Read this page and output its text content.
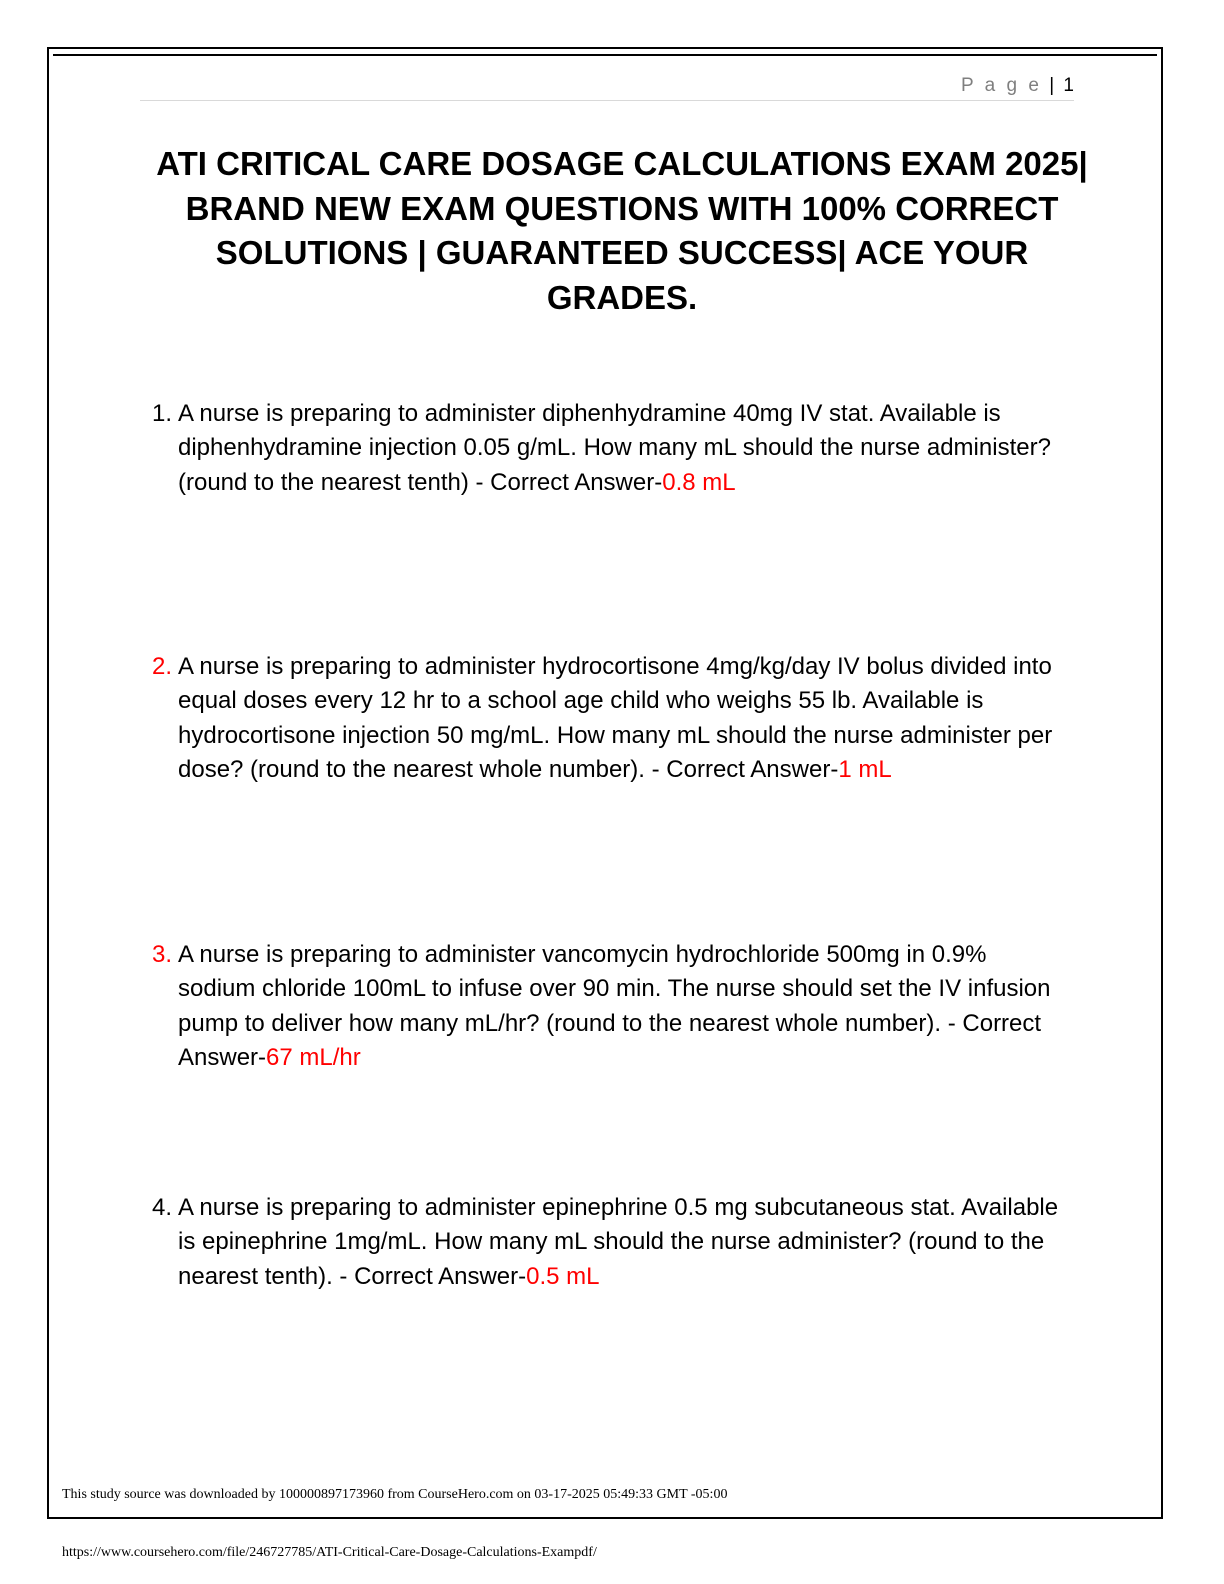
P a g e | 1
ATI CRITICAL CARE DOSAGE CALCULATIONS EXAM 2025| BRAND NEW EXAM QUESTIONS WITH 100% CORRECT SOLUTIONS | GUARANTEED SUCCESS| ACE YOUR GRADES.
1. A nurse is preparing to administer diphenhydramine 40mg IV stat. Available is diphenhydramine injection 0.05 g/mL. How many mL should the nurse administer? (round to the nearest tenth) - Correct Answer-0.8 mL
2. A nurse is preparing to administer hydrocortisone 4mg/kg/day IV bolus divided into equal doses every 12 hr to a school age child who weighs 55 lb. Available is hydrocortisone injection 50 mg/mL. How many mL should the nurse administer per dose? (round to the nearest whole number). - Correct Answer-1 mL
3. A nurse is preparing to administer vancomycin hydrochloride 500mg in 0.9% sodium chloride 100mL to infuse over 90 min. The nurse should set the IV infusion pump to deliver how many mL/hr? (round to the nearest whole number). - Correct Answer-67 mL/hr
4. A nurse is preparing to administer epinephrine 0.5 mg subcutaneous stat. Available is epinephrine 1mg/mL. How many mL should the nurse administer? (round to the nearest tenth). - Correct Answer-0.5 mL
This study source was downloaded by 100000897173960 from CourseHero.com on 03-17-2025 05:49:33 GMT -05:00
https://www.coursehero.com/file/246727785/ATI-Critical-Care-Dosage-Calculations-Exampdf/
